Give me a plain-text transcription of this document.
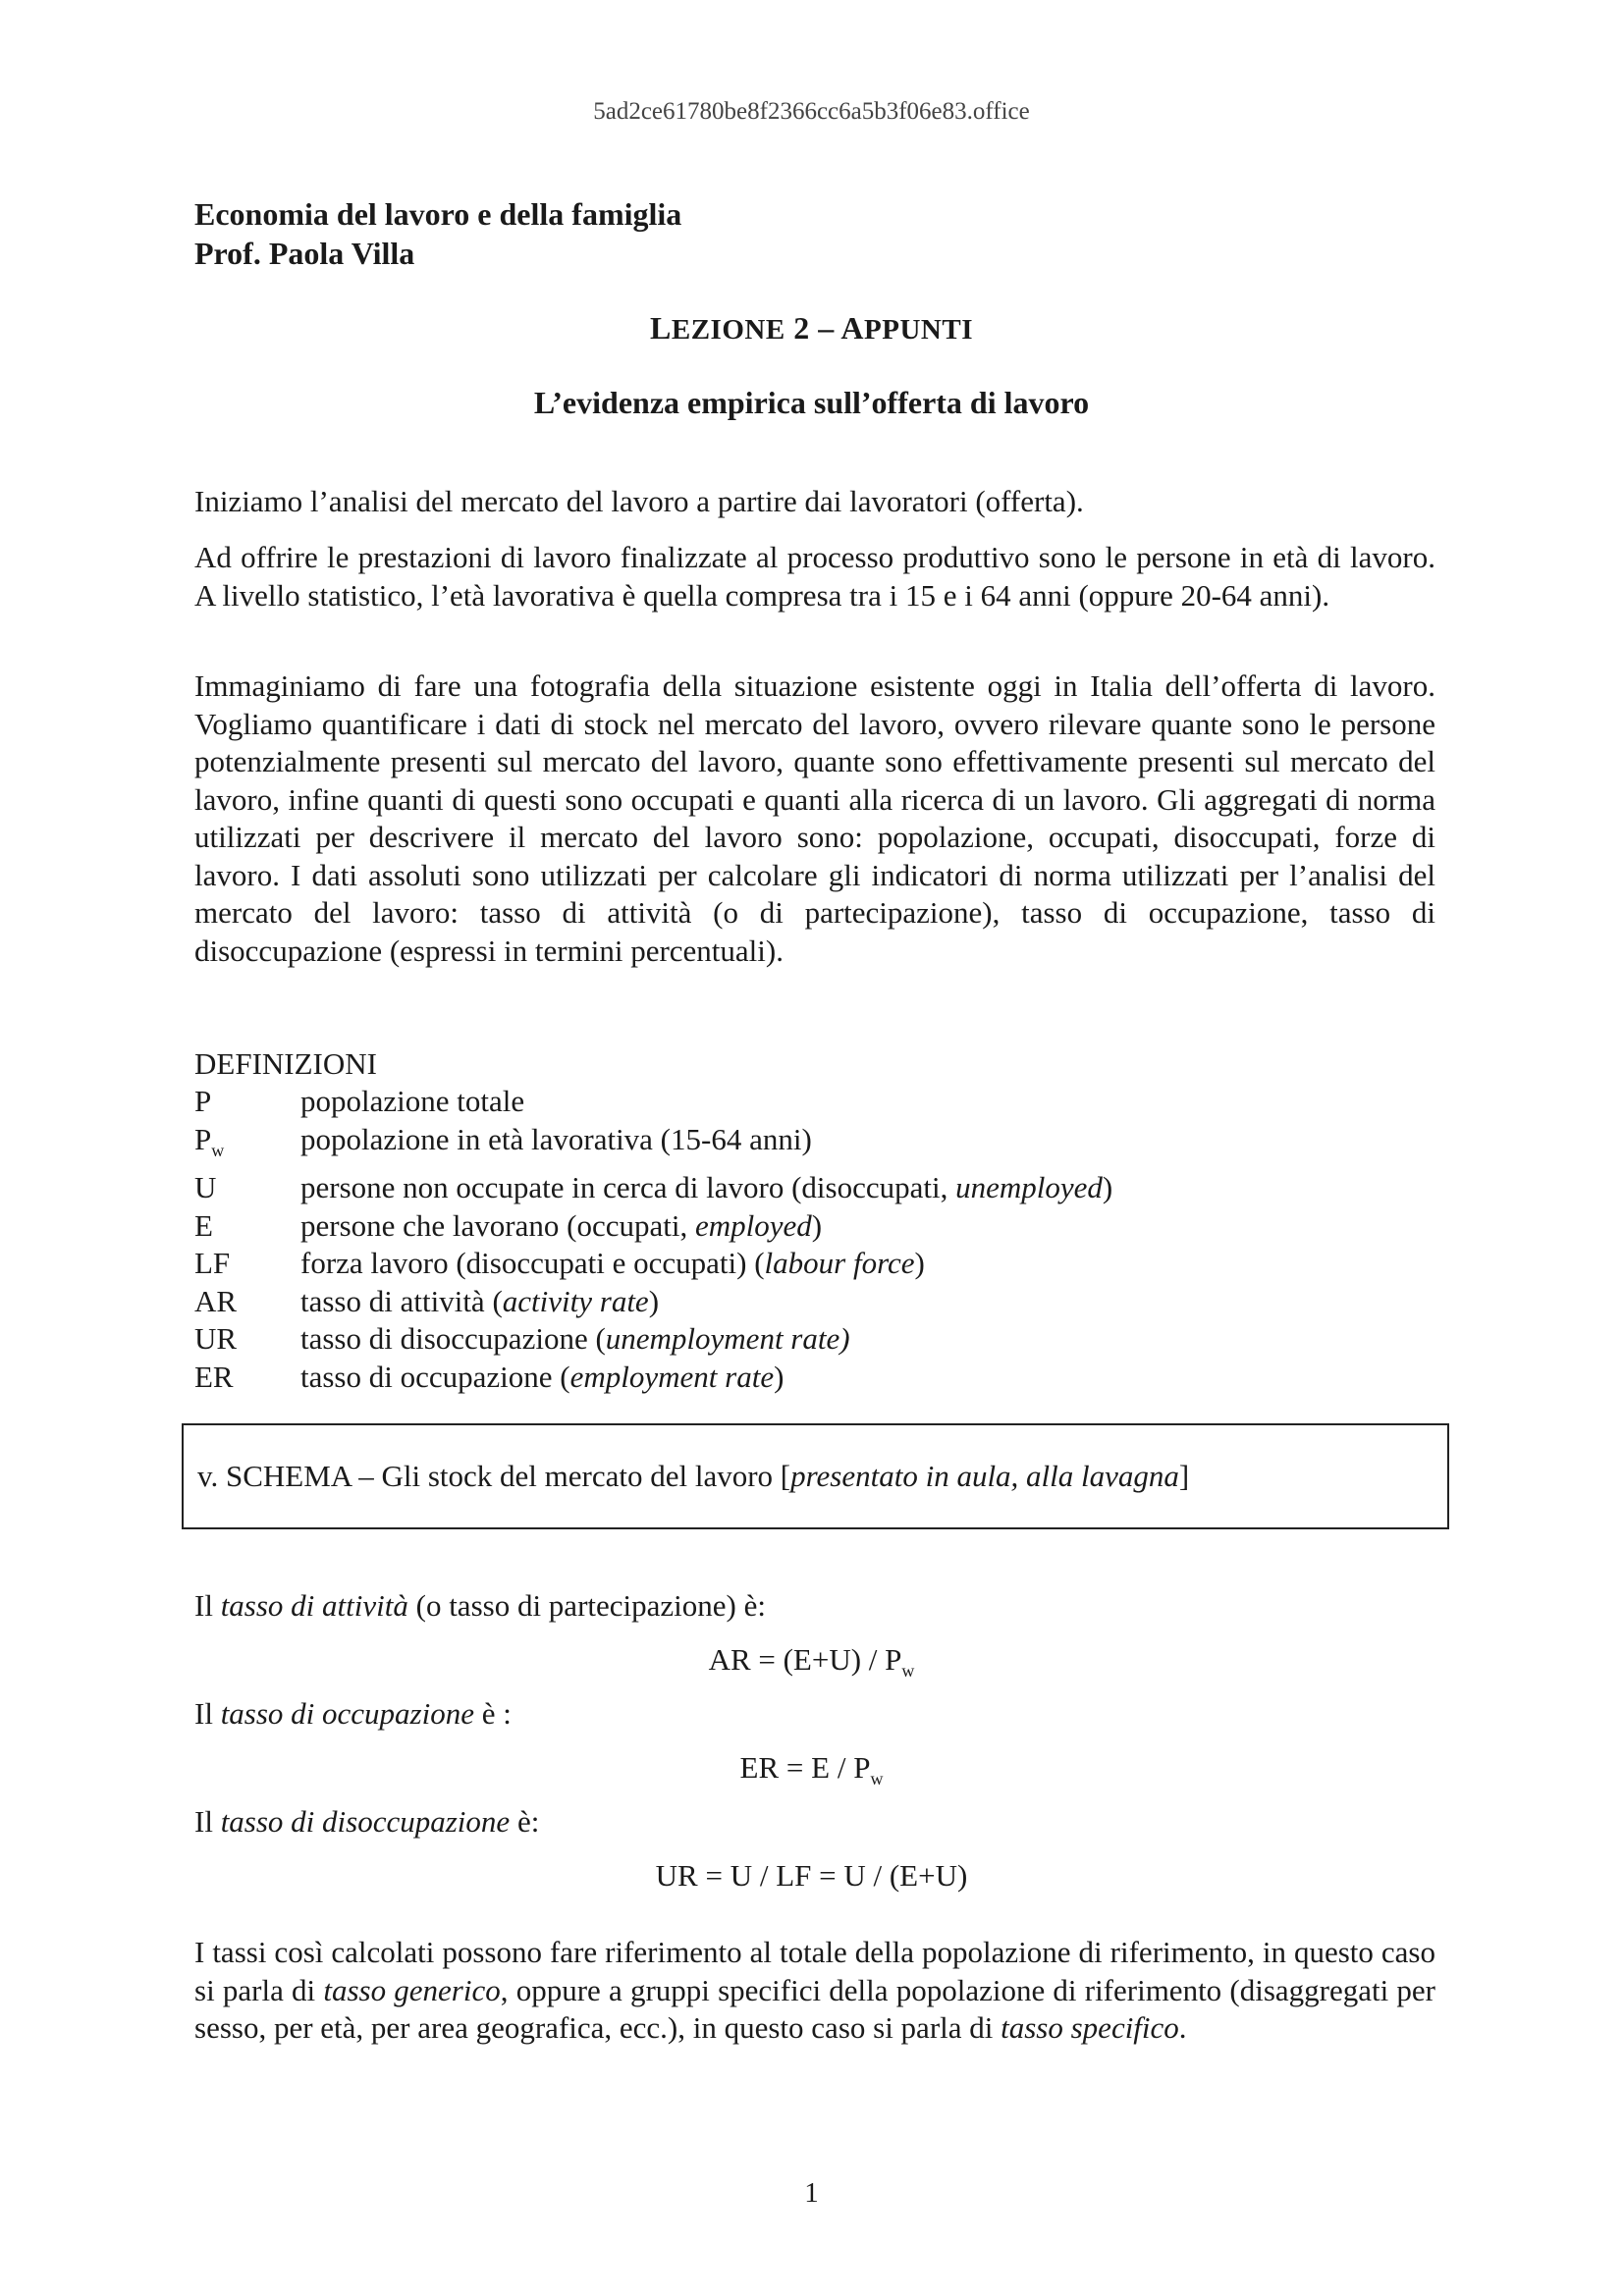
5ad2ce61780be8f2366cc6a5b3f06e83.office
Economia del lavoro e della famiglia
Prof. Paola Villa
LEZIONE 2 – APPUNTI
L’evidenza empirica sull’offerta di lavoro

Iniziamo l’analisi del mercato del lavoro a partire dai lavoratori (offerta).

Ad offrire le prestazioni di lavoro finalizzate al processo produttivo sono le persone in età di lavoro. A livello statistico, l’età lavorativa è quella compresa tra i 15 e i 64 anni (oppure 20-64 anni).

Immaginiamo di fare una fotografia della situazione esistente oggi in Italia dell’offerta di lavoro. Vogliamo quantificare i dati di stock nel mercato del lavoro, ovvero rilevare quante sono le persone potenzialmente presenti sul mercato del lavoro, quante sono effettivamente presenti sul mercato del lavoro, infine quanti di questi sono occupati e quanti alla ricerca di un lavoro. Gli aggregati di norma utilizzati per descrivere il mercato del lavoro sono: popolazione, occupati, disoccupati, forze di lavoro. I dati assoluti sono utilizzati per calcolare gli indicatori di norma utilizzati per l’analisi del mercato del lavoro: tasso di attività (o di partecipazione), tasso di occupazione, tasso di disoccupazione (espressi in termini percentuali).

DEFINIZIONI
P	popolazione totale
$P_w$	popolazione in età lavorativa (15-64 anni)
U	persone non occupate in cerca di lavoro (disoccupati, unemployed)
E	persone che lavorano (occupati, employed)
LF	forza lavoro (disoccupati e occupati) (labour force)
AR	tasso di attività (activity rate)
UR	tasso di disoccupazione (unemployment rate)
ER	tasso di occupazione (employment rate)
v. SCHEMA – Gli stock del mercato del lavoro [presentato in aula, alla lavagna]
Il tasso di attività (o tasso di partecipazione) è:
AR = $(E+U) / P_w$
Il tasso di occupazione è :
ER = E / $P_w$
Il tasso di disoccupazione è:
UR = U / LF = U / (E+U)

I tassi così calcolati possono fare riferimento al totale della popolazione di riferimento, in questo caso si parla di tasso generico, oppure a gruppi specifici della popolazione di riferimento (disaggregati per sesso, per età, per area geografica, ecc.), in questo caso si parla di tasso specifico.

1
